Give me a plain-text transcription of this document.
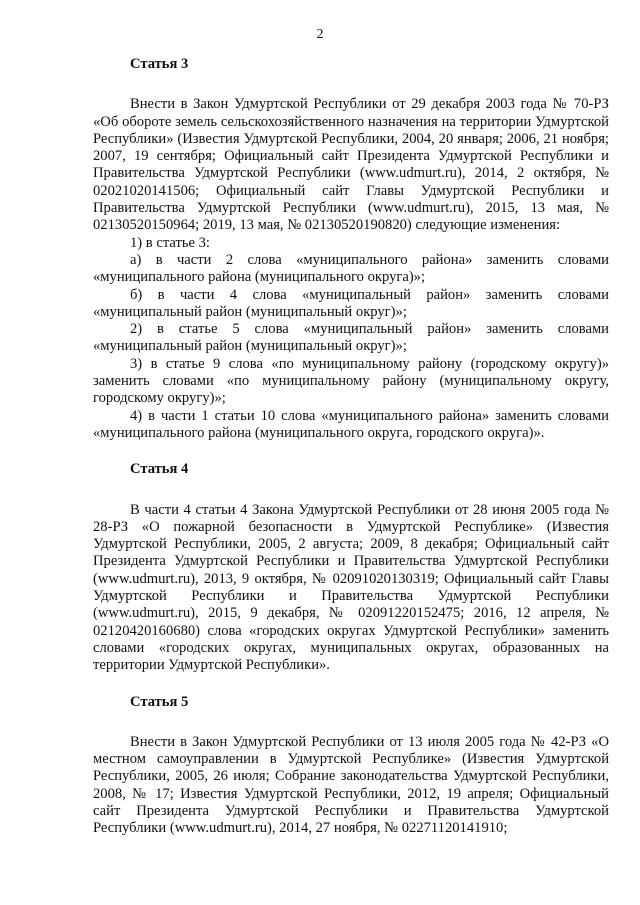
2
Статья 3

Внести в Закон Удмуртской Республики от 29 декабря 2003 года № 70-РЗ «Об обороте земель сельскохозяйственного назначения на территории Удмуртской Республики» (Известия Удмуртской Республики, 2004, 20 января; 2006, 21 ноября; 2007, 19 сентября; Официальный сайт Президента Удмуртской Республики и Правительства Удмуртской Республики (www.udmurt.ru), 2014, 2 октября, № 02021020141506; Официальный сайт Главы Удмуртской Республики и Правительства Удмуртской Республики (www.udmurt.ru), 2015, 13 мая, № 02130520150964; 2019, 13 мая, № 02130520190820) следующие изменения:

1) в статье 3:

а) в части 2 слова «муниципального района» заменить словами «муниципального района (муниципального округа)»;

б) в части 4 слова «муниципальный район» заменить словами «муниципальный район (муниципальный округ)»;

2) в статье 5 слова «муниципальный район» заменить словами «муниципальный район (муниципальный округ)»;

3) в статье 9 слова «по муниципальному району (городскому округу)» заменить словами «по муниципальному району (муниципальному округу, городскому округу)»;

4) в части 1 статьи 10 слова «муниципального района» заменить словами «муниципального района (муниципального округа, городского округа)».

Статья 4

В части 4 статьи 4 Закона Удмуртской Республики от 28 июня 2005 года № 28-РЗ «О пожарной безопасности в Удмуртской Республике» (Известия Удмуртской Республики, 2005, 2 августа; 2009, 8 декабря; Официальный сайт Президента Удмуртской Республики и Правительства Удмуртской Республики (www.udmurt.ru), 2013, 9 октября, № 02091020130319; Официальный сайт Главы Удмуртской Республики и Правительства Удмуртской Республики (www.udmurt.ru), 2015, 9 декабря, № 02091220152475; 2016, 12 апреля, № 02120420160680) слова «городских округах Удмуртской Республики» заменить словами «городских округах, муниципальных округах, образованных на территории Удмуртской Республики».

Статья 5

Внести в Закон Удмуртской Республики от 13 июля 2005 года № 42-РЗ «О местном самоуправлении в Удмуртской Республике» (Известия Удмуртской Республики, 2005, 26 июля; Собрание законодательства Удмуртской Республики, 2008, № 17; Известия Удмуртской Республики, 2012, 19 апреля; Официальный сайт Президента Удмуртской Республики и Правительства Удмуртской Республики (www.udmurt.ru), 2014, 27 ноября, № 02271120141910;
